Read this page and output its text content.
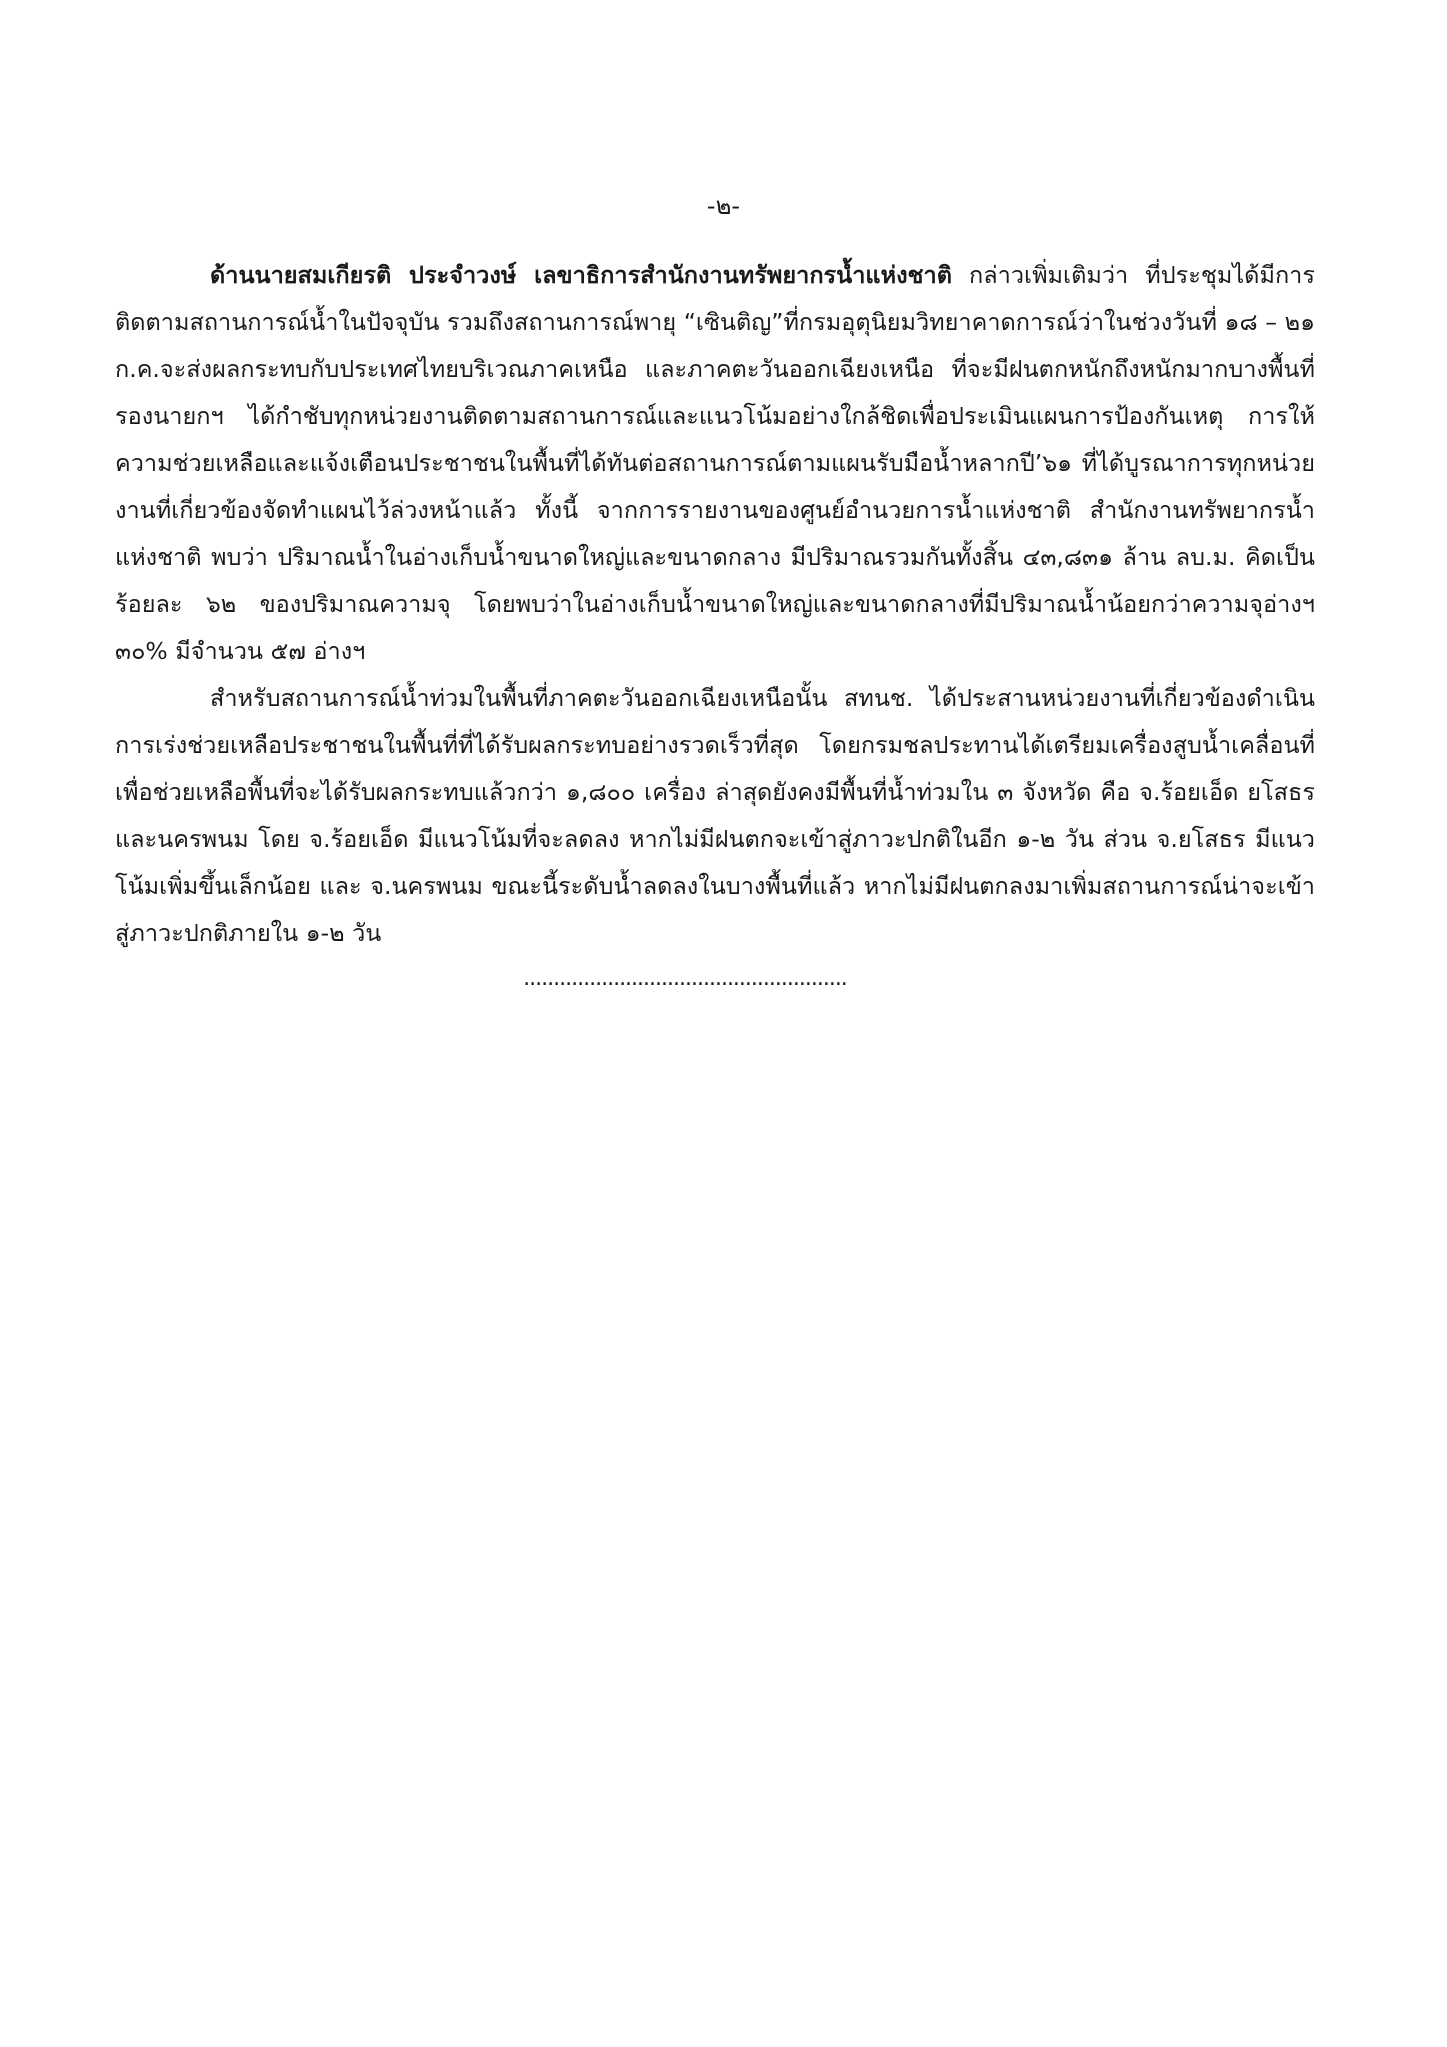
-๒-

ด้านนายสมเกียรติ ประจำวงษ์ เลขาธิการสำนักงานทรัพยากรน้ำแห่งชาติ กล่าวเพิ่มเติมว่า ที่ประชุมได้มีการติดตามสถานการณ์น้ำในปัจจุบัน รวมถึงสถานการณ์พายุ “เซินติญ”ที่กรมอุตุนิยมวิทยาคาดการณ์ว่าในช่วงวันที่ ๑๘ – ๒๑ ก.ค.จะส่งผลกระทบกับประเทศไทยบริเวณภาคเหนือ และภาคตะวันออกเฉียงเหนือ ที่จะมีฝนตกหนักถึงหนักมากบางพื้นที่ รองนายกฯ ได้กำชับทุกหน่วยงานติดตามสถานการณ์และแนวโน้มอย่างใกล้ชิดเพื่อประเมินแผนการป้องกันเหตุ การให้ความช่วยเหลือและแจ้งเตือนประชาชนในพื้นที่ได้ทันต่อสถานการณ์ตามแผนรับมือน้ำหลากปี’๖๑ ที่ได้บูรณาการทุกหน่วยงานที่เกี่ยวข้องจัดทำแผนไว้ล่วงหน้าแล้ว ทั้งนี้ จากการรายงานของศูนย์อำนวยการน้ำแห่งชาติ สำนักงานทรัพยากรน้ำแห่งชาติ พบว่า ปริมาณน้ำในอ่างเก็บน้ำขนาดใหญ่และขนาดกลาง มีปริมาณรวมกันทั้งสิ้น ๔๓,๘๓๑ ล้าน ลบ.ม. คิดเป็นร้อยละ ๖๒ ของปริมาณความจุ โดยพบว่าในอ่างเก็บน้ำขนาดใหญ่และขนาดกลางที่มีปริมาณน้ำน้อยกว่าความจุอ่างฯ ๓๐% มีจำนวน ๕๗ อ่างฯ

สำหรับสถานการณ์น้ำท่วมในพื้นที่ภาคตะวันออกเฉียงเหนือนั้น สทนช. ได้ประสานหน่วยงานที่เกี่ยวข้องดำเนินการเร่งช่วยเหลือประชาชนในพื้นที่ที่ได้รับผลกระทบอย่างรวดเร็วที่สุด โดยกรมชลประทานได้เตรียมเครื่องสูบน้ำเคลื่อนที่ เพื่อช่วยเหลือพื้นที่จะได้รับผลกระทบแล้วกว่า ๑,๘๐๐ เครื่อง ล่าสุดยังคงมีพื้นที่น้ำท่วมใน ๓ จังหวัด คือ จ.ร้อยเอ็ด ยโสธร และนครพนม โดย จ.ร้อยเอ็ด มีแนวโน้มที่จะลดลง หากไม่มีฝนตกจะเข้าสู่ภาวะปกติในอีก ๑-๒ วัน ส่วน จ.ยโสธร มีแนวโน้มเพิ่มขึ้นเล็กน้อย และ จ.นครพนม ขณะนี้ระดับน้ำลดลงในบางพื้นที่แล้ว หากไม่มีฝนตกลงมาเพิ่มสถานการณ์น่าจะเข้าสู่ภาวะปกติภายใน ๑-๒ วัน

......................................................
